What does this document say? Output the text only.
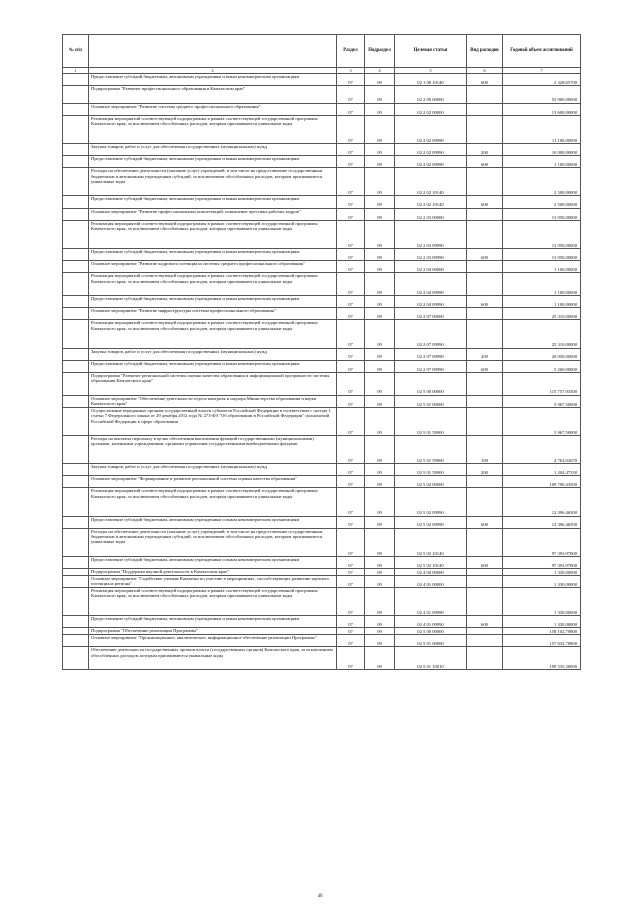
№ п/п		Раздел	Подраздел	Целевая статья	Вид расходов	Годовой объем ассигнований
1	2	3	4	5	6	7
	Предоставление субсидий бюджетным, автономным учреждениям и иным некоммерческим организациям	07	09	02 1 08 10140	600	2 328,65700
	Подпрограмма "Развитие профессионального образования в Камчатском крае"	07	09	02 2 00 00000		53 960,00000
	Основное мероприятие "Развитие системы среднего профессионального образования"	07	09	02 2 02 00000		13 600,00000
	Реализация мероприятий соответствующей подпрограммы в рамках соответствующей государственной программы Камчатского края, за исключением обособленных расходов, которым присваиваются уникальные коды	07	09	02 2 02 09990		11 100,00000
	Закупка товаров, работ и услуг для обеспечения государственных (муниципальных) нужд	07	09	02 2 02 09990	200	10 000,00000
	Предоставление субсидий бюджетным, автономным учреждениям и иным некоммерческим организациям	07	09	02 2 02 09990	600	1 100,00000
	Расходы на обеспечение деятельности (оказание услуг) учреждений, в том числе на предоставление государственным бюджетным и автономным учреждениям субсидий, за исключением обособленных расходов, которым присваиваются уникальные коды	07	09	02 2 02 10140		2 500,00000
	Предоставление субсидий бюджетным, автономным учреждениям и иным некоммерческим организациям	07	09	02 2 02 10140	600	2 500,00000
	Основное мероприятие "Развитие профессиональных компетенций, повышение престижа рабочих кадров"	07	09	02 2 03 00000		13 950,00000
	Реализация мероприятий соответствующей подпрограммы в рамках соответствующей государственной программы Камчатского края, за исключением обособленных расходов, которым присваиваются уникальные коды	07	09	02 2 03 09990		13 950,00000
	Предоставление субсидий бюджетным, автономным учреждениям и иным некоммерческим организациям	07	09	02 2 03 09990	600	13 950,00000
	Основное мероприятие "Развитие кадрового потенциала системы среднего профессионального образования"	07	09	02 2 04 00000		1 100,00000
	Реализация мероприятий соответствующей подпрограммы в рамках соответствующей государственной программы Камчатского края, за исключением обособленных расходов, которым присваиваются уникальные коды	07	09	02 2 04 09990		1 100,00000
	Предоставление субсидий бюджетным, автономным учреждениям и иным некоммерческим организациям	07	09	02 2 04 09990	600	1 100,00000
	Основное мероприятие "Развитие инфраструктуры системы профессионального образования"	07	09	02 2 07 00000		25 310,00000
	Реализация мероприятий соответствующей подпрограммы в рамках соответствующей государственной программы Камчатского края, за исключением обособленных расходов, которым присваиваются уникальные коды	07	09	02 2 07 09990		25 310,00000
	Закупка товаров, работ и услуг для обеспечения государственных (муниципальных) нужд	07	09	02 2 07 09990	200	20 050,00000
	Предоставление субсидий бюджетным, автономным учреждениям и иным некоммерческим организациям	07	09	02 2 07 09990	600	5 260,00000
	Подпрограмма "Развитие региональной системы оценки качества образования и информационной прозрачности системы образования Камчатского края"	07	09	02 5 00 00000		115 757,93500
	Основное мероприятие "Обеспечение деятельности отдела контроля и надзора Министерства образования и науки Камчатского края"	07	09	02 5 01 00000		5 967,50000
	Осуществление переданных органам государственной власти субъектов Российской Федерации в соответствии с частью 1 статьи 7 Федерального закона от 29 декабря 2012 года № 273-ФЗ "Об образовании в Российской Федерации" полномочий Российской Федерации в сфере образования	07	09	02 5 01 59900		5 967,50000
	Расходы на выплаты персоналу в целях обеспечения выполнения функций государственными (муниципальными) органами, казенными учреждениями, органами управления государственными внебюджетными фондами	07	09	02 5 01 59900	100	4 763,02670
	Закупка товаров, работ и услуг для обеспечения государственных (муниципальных) нужд	07	09	02 5 01 59900	200	1 204,47330
	Основное мероприятие "Формирование и развитие региональной системы оценки качества образования"	07	09	02 5 02 00000		109 790,43500
	Реализация мероприятий соответствующей подпрограммы в рамках соответствующей государственной программы Камчатского края, за исключением обособленных расходов, которым присваиваются уникальные коды	07	09	02 5 02 09990		12 396,46500
	Предоставление субсидий бюджетным, автономным учреждениям и иным некоммерческим организациям	07	09	02 5 02 09990	600	12 396,46500
	Расходы на обеспечение деятельности (оказание услуг) учреждений, в том числе на предоставление государственным бюджетным и автономным учреждениям субсидий, за исключением обособленных расходов, которым присваиваются уникальные коды	07	09	02 5 02 10140		97 393,97000
	Предоставление субсидий бюджетным, автономным учреждениям и иным некоммерческим организациям	07	09	02 5 02 10140	600	97 393,97000
	Подпрограмма "Поддержка научной деятельности в Камчатском крае"	07	09	02 4 00 00000		1 330,00000
	Основное мероприятие "Содействие ученым Камчатки по участию в мероприятиях, способствующих развитию научного потенциала региона"	07	09	02 4 01 00000		1 330,00000
	Реализация мероприятий соответствующей подпрограммы в рамках соответствующей государственной программы Камчатского края, за исключением обособленных расходов, которым присваиваются уникальные коды	07	09	02 4 01 09990		1 330,00000
	Предоставление субсидий бюджетным, автономным учреждениям и иным некоммерческим организациям	07	09	02 4 01 09990	600	1 330,00000
	Подпрограмма "Обеспечение реализации Программы"	07	09	02 5 00 00000		158 102,70800
	Основное мероприятие "Организационное, аналитическое, информационное обеспечение реализации Программы"	07	09	02 5 01 00000		157 632,70800
	Обеспечение деятельности государственных органов власти (государственных органов) Камчатского края, за исключением обособленных расходов, которым присваиваются уникальные коды	07	09	02 5 01 10010		109 535,30000
40
